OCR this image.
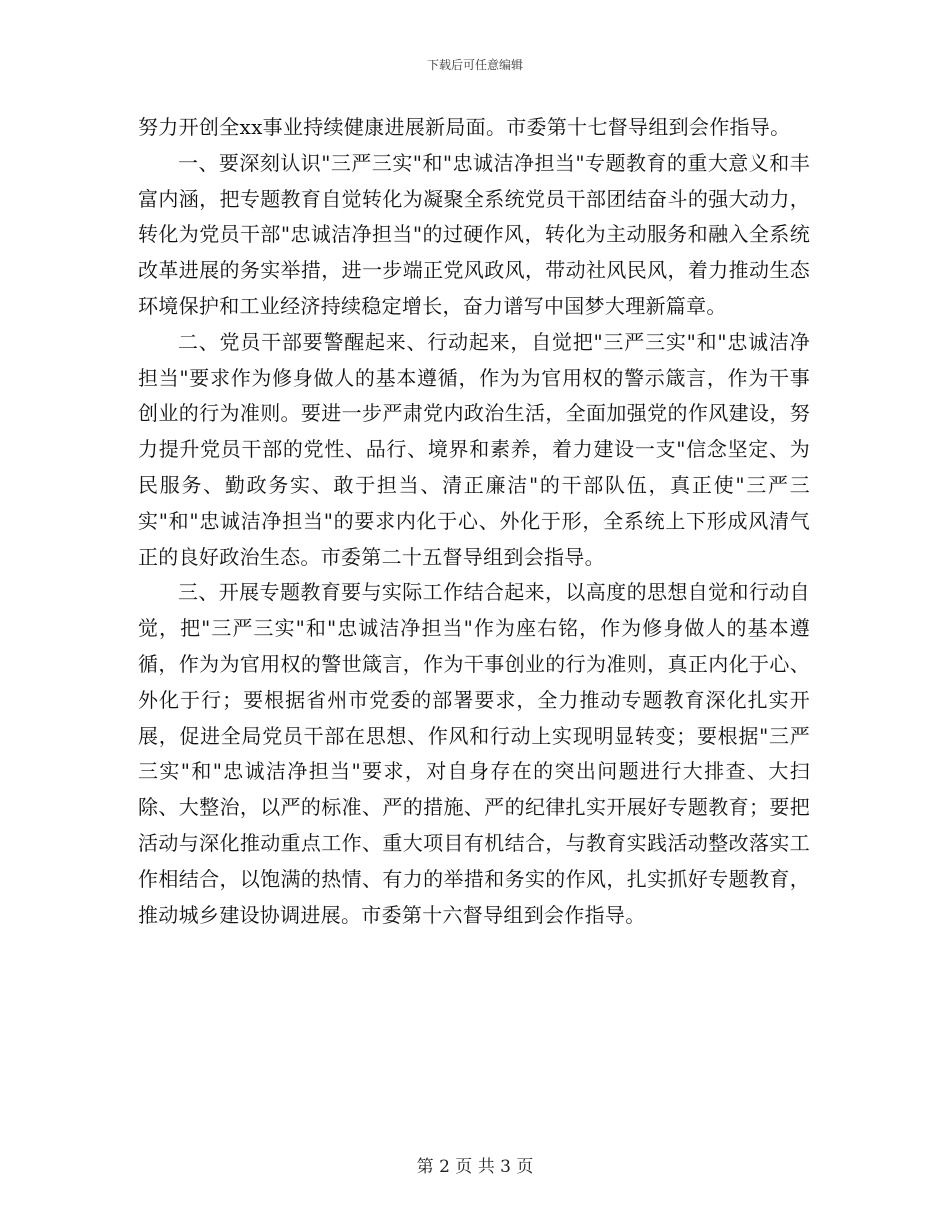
下载后可任意编辑

努力开创全xx事业持续健康进展新局面。市委第十七督导组到会作指导。

一、要深刻认识"三严三实"和"忠诚洁净担当"专题教育的重大意义和丰富内涵，把专题教育自觉转化为凝聚全系统党员干部团结奋斗的强大动力，转化为党员干部"忠诚洁净担当"的过硬作风，转化为主动服务和融入全系统改革进展的务实举措，进一步端正党风政风，带动社风民风，着力推动生态环境保护和工业经济持续稳定增长，奋力谱写中国梦大理新篇章。

二、党员干部要警醒起来、行动起来，自觉把"三严三实"和"忠诚洁净担当"要求作为修身做人的基本遵循，作为为官用权的警示箴言，作为干事创业的行为准则。要进一步严肃党内政治生活，全面加强党的作风建设，努力提升党员干部的党性、品行、境界和素养，着力建设一支"信念坚定、为民服务、勤政务实、敢于担当、清正廉洁"的干部队伍，真正使"三严三实"和"忠诚洁净担当"的要求内化于心、外化于形，全系统上下形成风清气正的良好政治生态。市委第二十五督导组到会指导。

三、开展专题教育要与实际工作结合起来，以高度的思想自觉和行动自觉，把"三严三实"和"忠诚洁净担当"作为座右铭，作为修身做人的基本遵循，作为为官用权的警世箴言，作为干事创业的行为准则，真正内化于心、外化于行；要根据省州市党委的部署要求，全力推动专题教育深化扎实开展，促进全局党员干部在思想、作风和行动上实现明显转变；要根据"三严三实"和"忠诚洁净担当"要求，对自身存在的突出问题进行大排查、大扫除、大整治，以严的标准、严的措施、严的纪律扎实开展好专题教育；要把活动与深化推动重点工作、重大项目有机结合，与教育实践活动整改落实工作相结合，以饱满的热情、有力的举措和务实的作风，扎实抓好专题教育，推动城乡建设协调进展。市委第十六督导组到会作指导。

第 2 页 共 3 页
